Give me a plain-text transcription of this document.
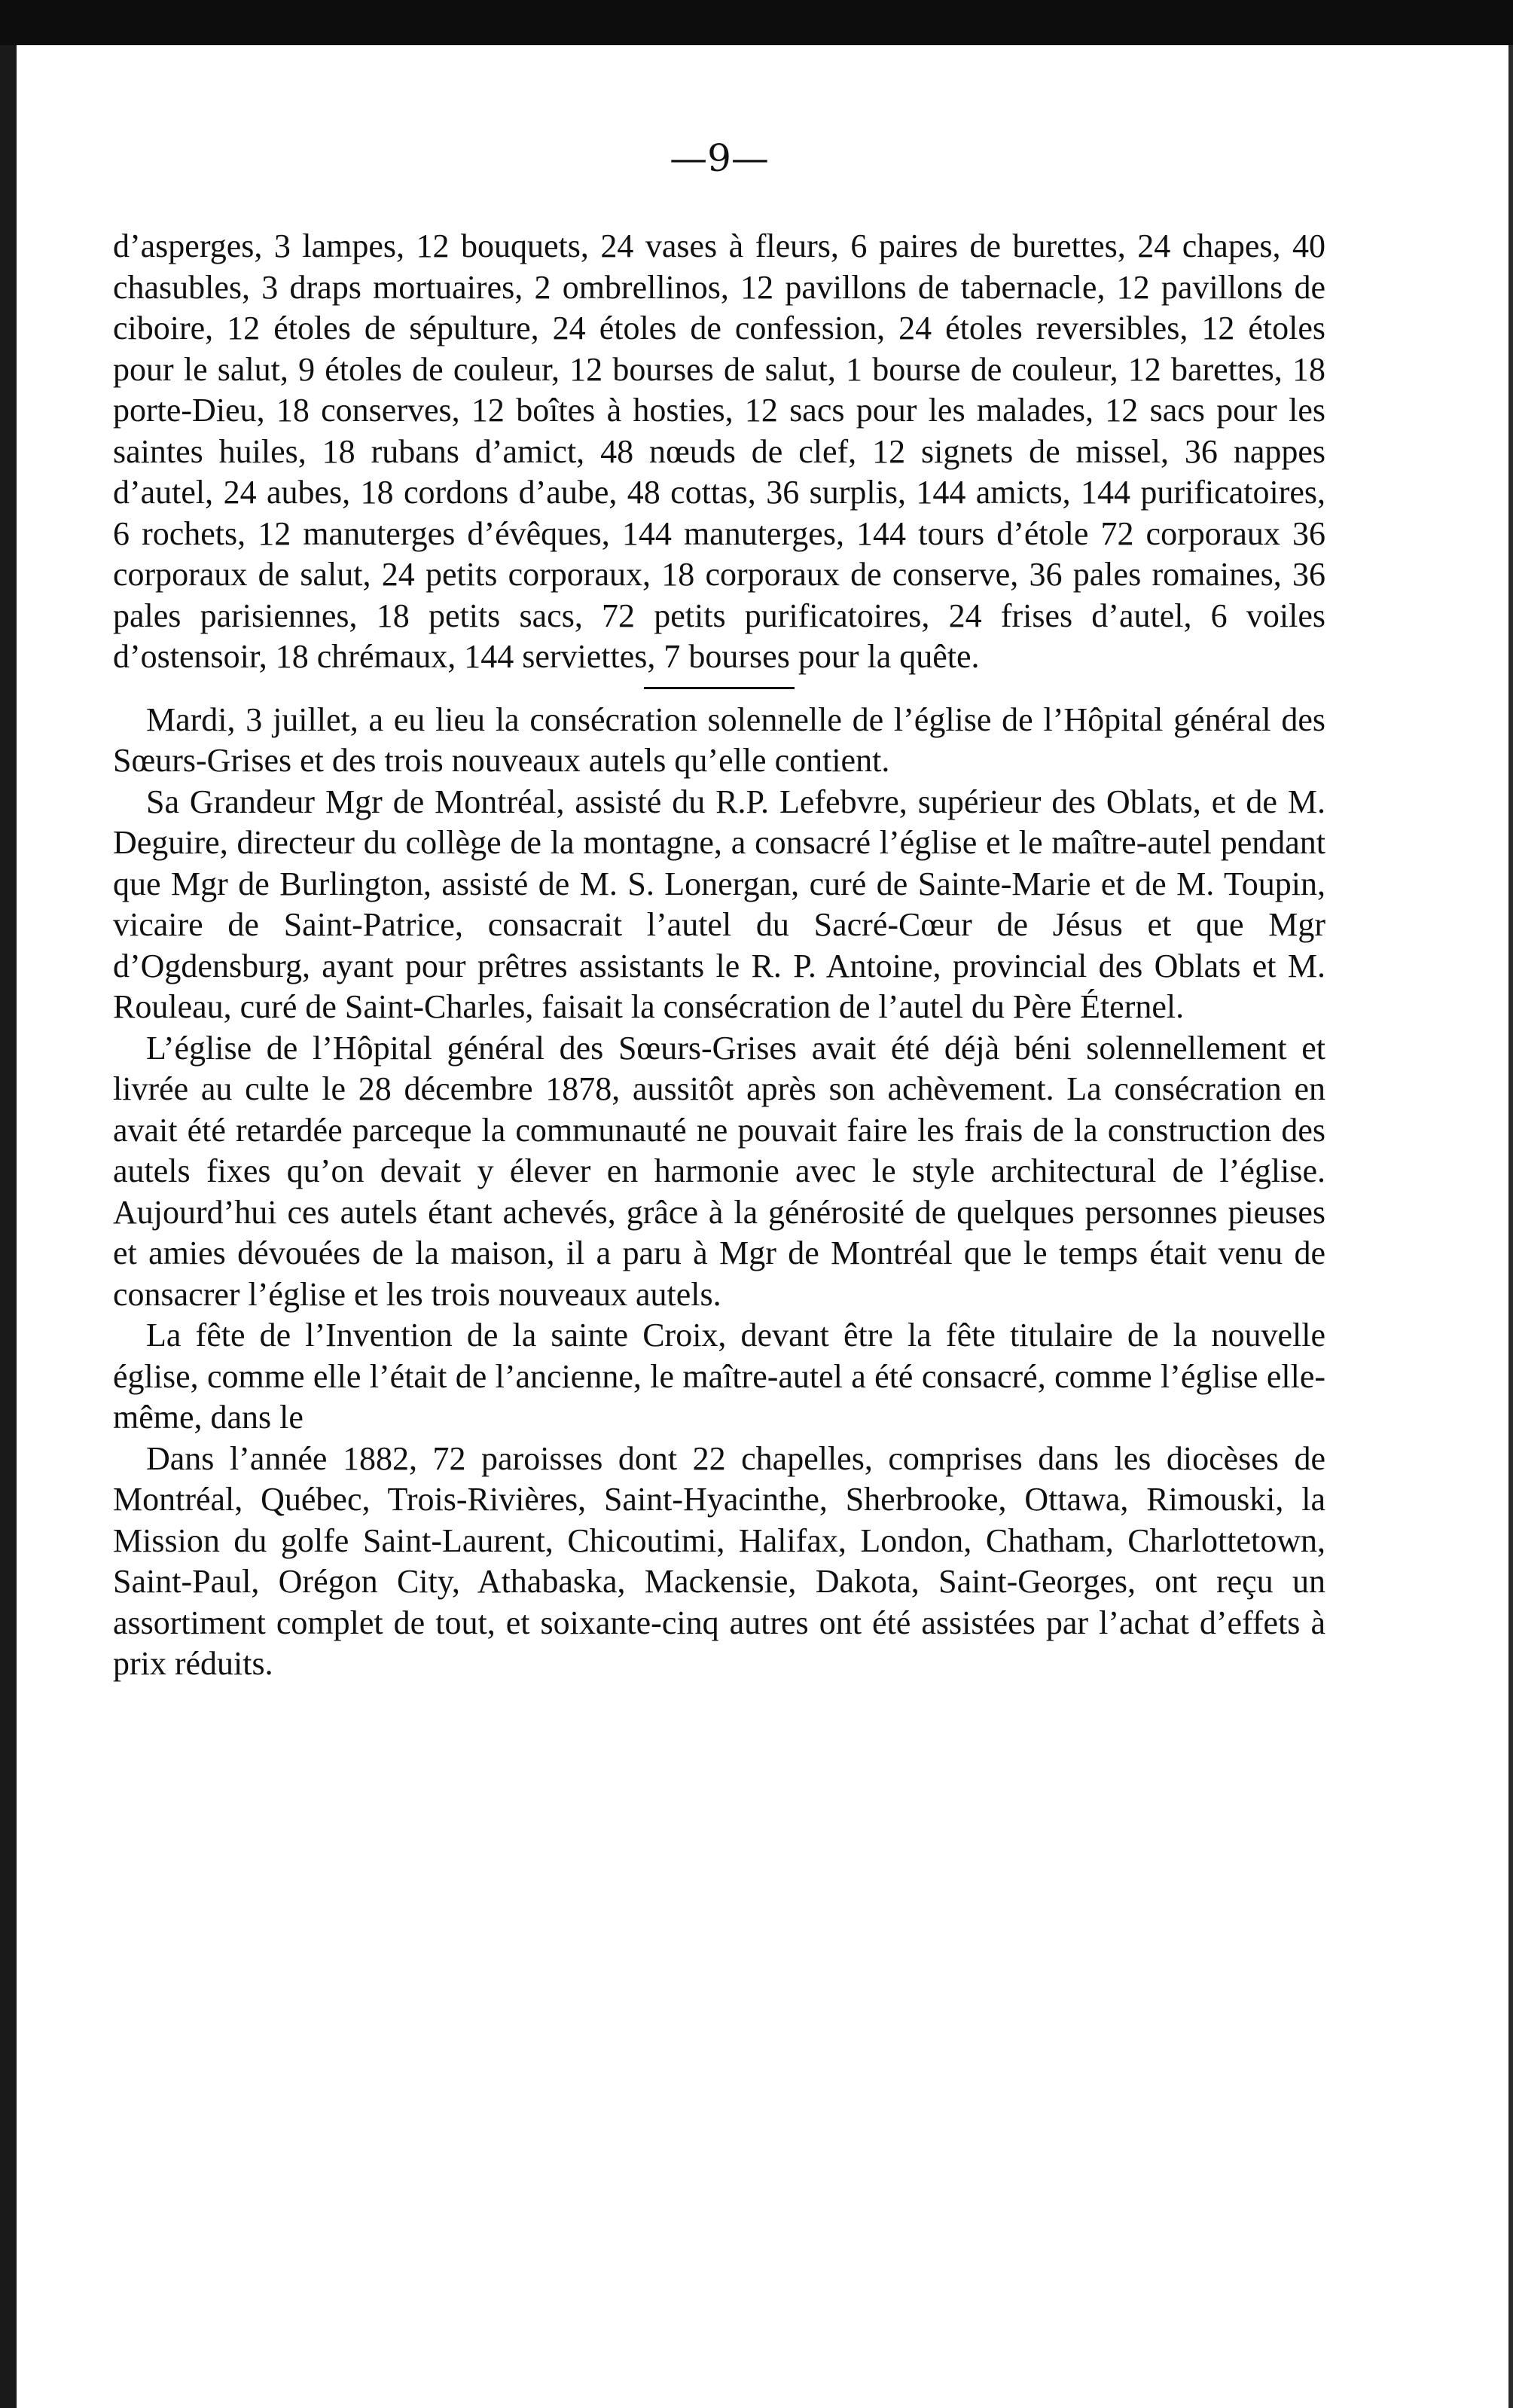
—9—

d’asperges, 3 lampes, 12 bouquets, 24 vases à fleurs, 6 paires de burettes, 24 chapes, 40 chasubles, 3 draps mortuaires, 2 ombrellinos, 12 pavillons de tabernacle, 12 pavillons de ciboire, 12 étoles de sépulture, 24 étoles de confession, 24 étoles reversibles, 12 étoles pour le salut, 9 étoles de couleur, 12 bourses de salut, 1 bourse de couleur, 12 barettes, 18 porte-Dieu, 18 conserves, 12 boîtes à hosties, 12 sacs pour les malades, 12 sacs pour les saintes huiles, 18 rubans d’amict, 48 nœuds de clef, 12 signets de missel, 36 nappes d’autel, 24 aubes, 18 cordons d’aube, 48 cottas, 36 surplis, 144 amicts, 144 purificatoires, 6 rochets, 12 manuterges d’évêques, 144 manuterges, 144 tours d’étole 72 corporaux 36 corporaux de salut, 24 petits corporaux, 18 corporaux de conserve, 36 pales romaines, 36 pales parisiennes, 18 petits sacs, 72 petits purificatoires, 24 frises d’autel, 6 voiles d’ostensoir, 18 chrémaux, 144 serviettes, 7 bourses pour la quête.

Mardi, 3 juillet, a eu lieu la consécration solennelle de l’église de l’Hôpital général des Sœurs-Grises et des trois nouveaux autels qu’elle contient.

Sa Grandeur Mgr de Montréal, assisté du R.P. Lefebvre, supérieur des Oblats, et de M. Deguire, directeur du collège de la montagne, a consacré l’église et le maître-autel pendant que Mgr de Burlington, assisté de M. S. Lonergan, curé de Sainte-Marie et de M. Toupin, vicaire de Saint-Patrice, consacrait l’autel du Sacré-Cœur de Jésus et que Mgr d’Ogdensburg, ayant pour prêtres assistants le R. P. Antoine, provincial des Oblats et M. Rouleau, curé de Saint-Charles, faisait la consécration de l’autel du Père Éternel.

L’église de l’Hôpital général des Sœurs-Grises avait été déjà béni solennellement et livrée au culte le 28 décembre 1878, aussitôt après son achèvement. La consécration en avait été retardée parceque la communauté ne pouvait faire les frais de la construction des autels fixes qu’on devait y élever en harmonie avec le style architectural de l’église. Aujourd’hui ces autels étant achevés, grâce à la générosité de quelques personnes pieuses et amies dévouées de la maison, il a paru à Mgr de Montréal que le temps était venu de consacrer l’église et les trois nouveaux autels.

La fête de l’Invention de la sainte Croix, devant être la fête titulaire de la nouvelle église, comme elle l’était de l’ancienne, le maître-autel a été consacré, comme l’église elle-même, dans le

Dans l’année 1882, 72 paroisses dont 22 chapelles, comprises dans les diocèses de Montréal, Québec, Trois-Rivières, Saint-Hyacinthe, Sherbrooke, Ottawa, Rimouski, la Mission du golfe Saint-Laurent, Chicoutimi, Halifax, London, Chatham, Charlottetown, Saint-Paul, Orégon City, Athabaska, Mackensie, Dakota, Saint-Georges, ont reçu un assortiment complet de tout, et soixante-cinq autres ont été assistées par l’achat d’effets à prix réduits.
